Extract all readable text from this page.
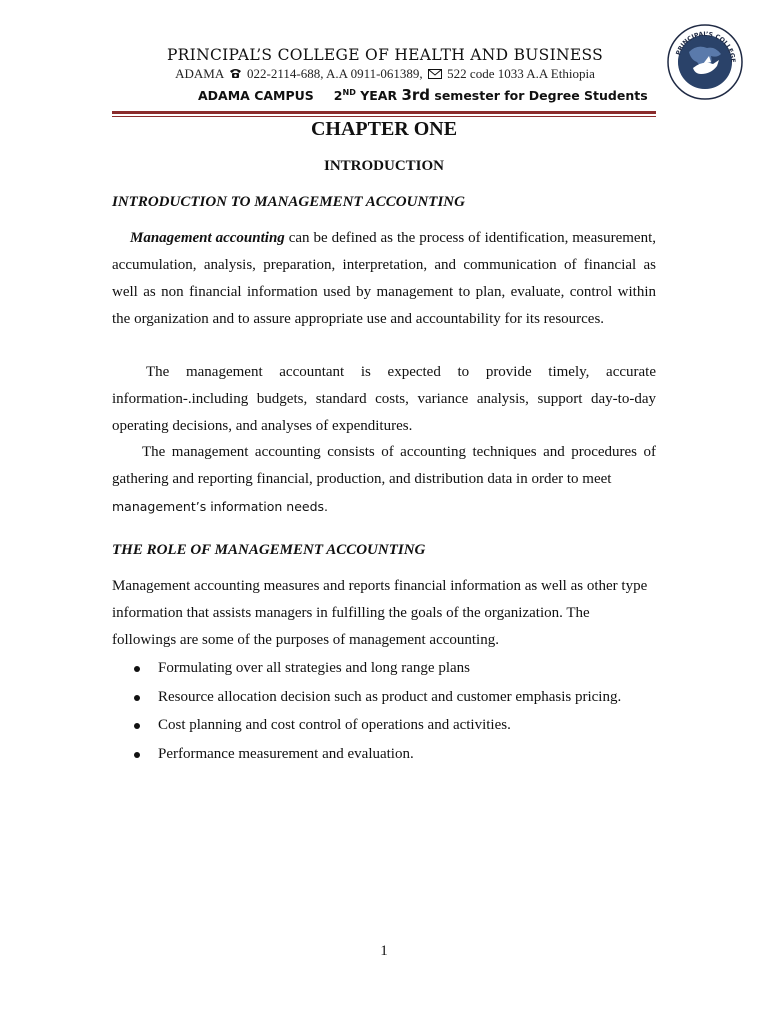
PRINCIPAL’S COLLEGE OF HEALTH AND BUSINESS
ADAMA 022-2114-688, A.A 0911-061389, 522 code 1033 A.A Ethiopia
ADAMA CAMPUS 2ND YEAR 3rd semester for Degree Students
PRINCIPAL’S COLLEGE
CHAPTER ONE
INTRODUCTION
INTRODUCTION TO MANAGEMENT ACCOUNTING
Management accounting can be defined as the process of identification, measurement, accumulation, analysis, preparation, interpretation, and communication of financial as well as non financial information used by management to plan, evaluate, control within the organization and to assure appropriate use and accountability for its resources.
The management accountant is expected to provide timely, accurate information-.including budgets, standard costs, variance analysis, support day-to-day operating decisions, and analyses of expenditures.
The management accounting consists of accounting techniques and procedures of gathering and reporting financial, production, and distribution data in order to meet
management’s information needs.
THE ROLE OF MANAGEMENT ACCOUNTING
Management accounting measures and reports financial information as well as other type information that assists managers in fulfilling the goals of the organization. The followings are some of the purposes of management accounting.
Formulating over all strategies and long range plans
Resource allocation decision such as product and customer emphasis pricing.
Cost planning and cost control of operations and activities.
Performance measurement and evaluation.
1
